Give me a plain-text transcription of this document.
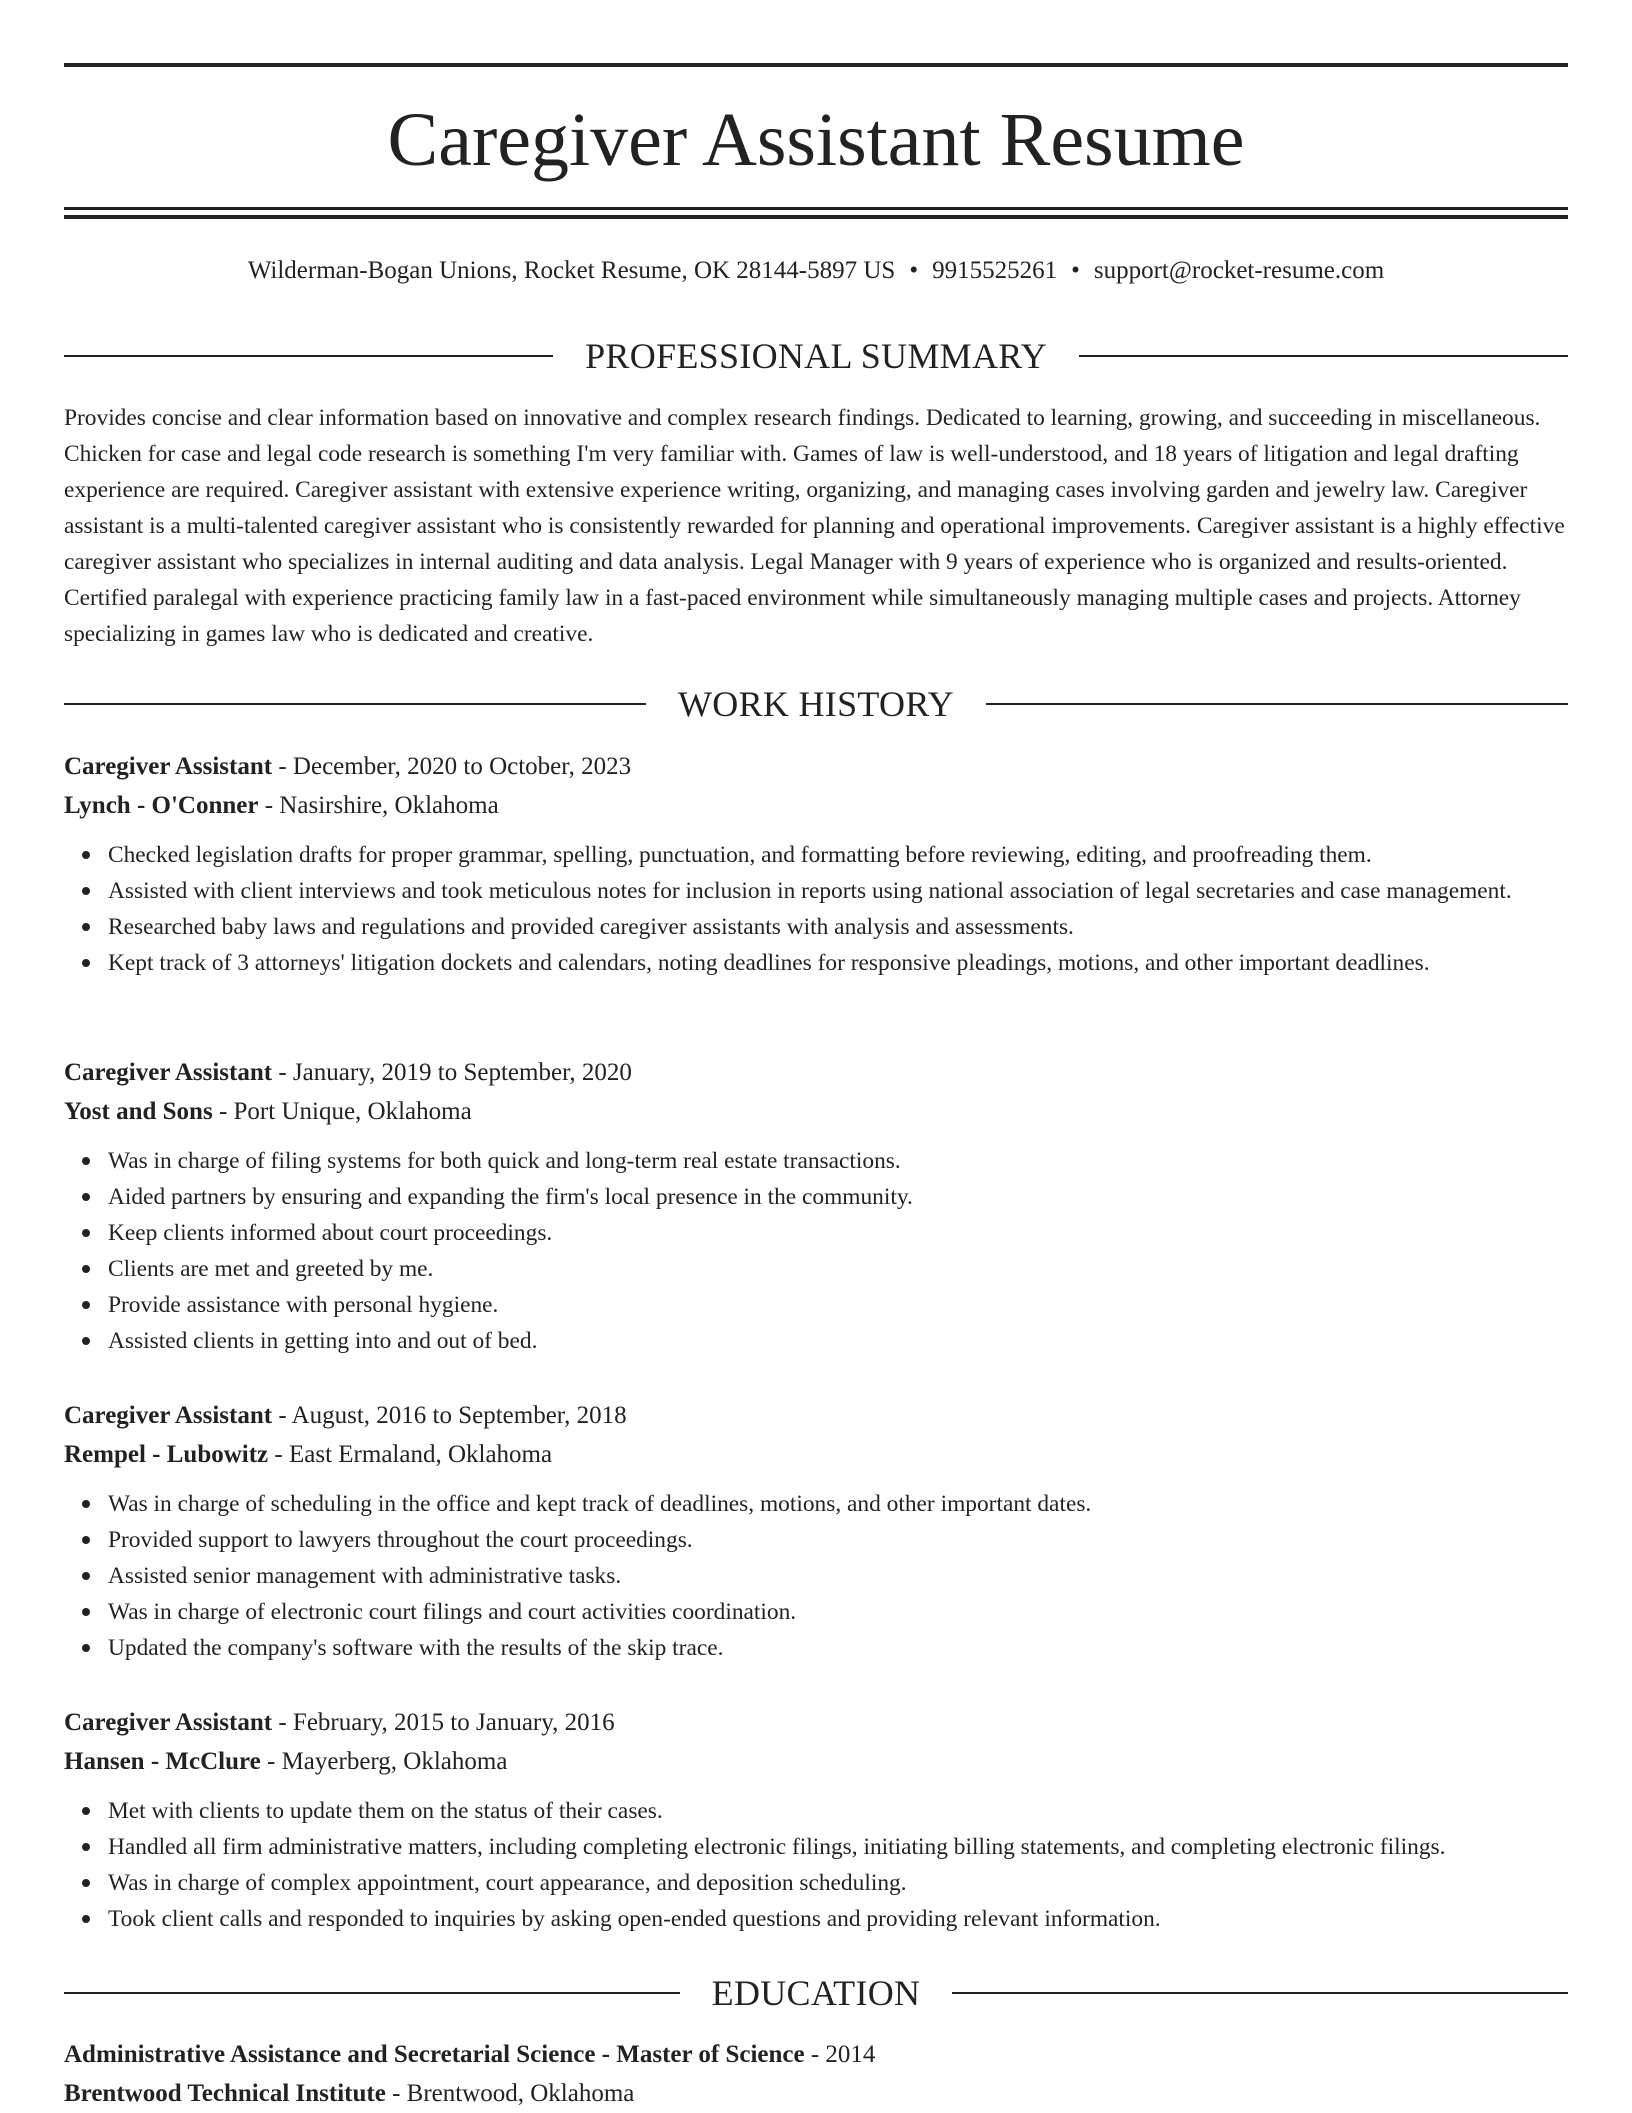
Caregiver Assistant Resume
Wilderman-Bogan Unions, Rocket Resume, OK 28144-5897 US • 9915525261 • support@rocket-resume.com
PROFESSIONAL SUMMARY

Provides concise and clear information based on innovative and complex research findings. Dedicated to learning, growing, and succeeding in miscellaneous. Chicken for case and legal code research is something I'm very familiar with. Games of law is well-understood, and 18 years of litigation and legal drafting experience are required. Caregiver assistant with extensive experience writing, organizing, and managing cases involving garden and jewelry law. Caregiver assistant is a multi-talented caregiver assistant who is consistently rewarded for planning and operational improvements. Caregiver assistant is a highly effective caregiver assistant who specializes in internal auditing and data analysis. Legal Manager with 9 years of experience who is organized and results-oriented. Certified paralegal with experience practicing family law in a fast-paced environment while simultaneously managing multiple cases and projects. Attorney specializing in games law who is dedicated and creative.

WORK HISTORY
Caregiver Assistant - December, 2020 to October, 2023
Lynch - O'Conner - Nasirshire, Oklahoma
Checked legislation drafts for proper grammar, spelling, punctuation, and formatting before reviewing, editing, and proofreading them.
Assisted with client interviews and took meticulous notes for inclusion in reports using national association of legal secretaries and case management.
Researched baby laws and regulations and provided caregiver assistants with analysis and assessments.
Kept track of 3 attorneys' litigation dockets and calendars, noting deadlines for responsive pleadings, motions, and other important deadlines.
Caregiver Assistant - January, 2019 to September, 2020
Yost and Sons - Port Unique, Oklahoma
Was in charge of filing systems for both quick and long-term real estate transactions.
Aided partners by ensuring and expanding the firm's local presence in the community.
Keep clients informed about court proceedings.
Clients are met and greeted by me.
Provide assistance with personal hygiene.
Assisted clients in getting into and out of bed.
Caregiver Assistant - August, 2016 to September, 2018
Rempel - Lubowitz - East Ermaland, Oklahoma
Was in charge of scheduling in the office and kept track of deadlines, motions, and other important dates.
Provided support to lawyers throughout the court proceedings.
Assisted senior management with administrative tasks.
Was in charge of electronic court filings and court activities coordination.
Updated the company's software with the results of the skip trace.
Caregiver Assistant - February, 2015 to January, 2016
Hansen - McClure - Mayerberg, Oklahoma
Met with clients to update them on the status of their cases.
Handled all firm administrative matters, including completing electronic filings, initiating billing statements, and completing electronic filings.
Was in charge of complex appointment, court appearance, and deposition scheduling.
Took client calls and responded to inquiries by asking open-ended questions and providing relevant information.
EDUCATION
Administrative Assistance and Secretarial Science - Master of Science - 2014
Brentwood Technical Institute - Brentwood, Oklahoma
